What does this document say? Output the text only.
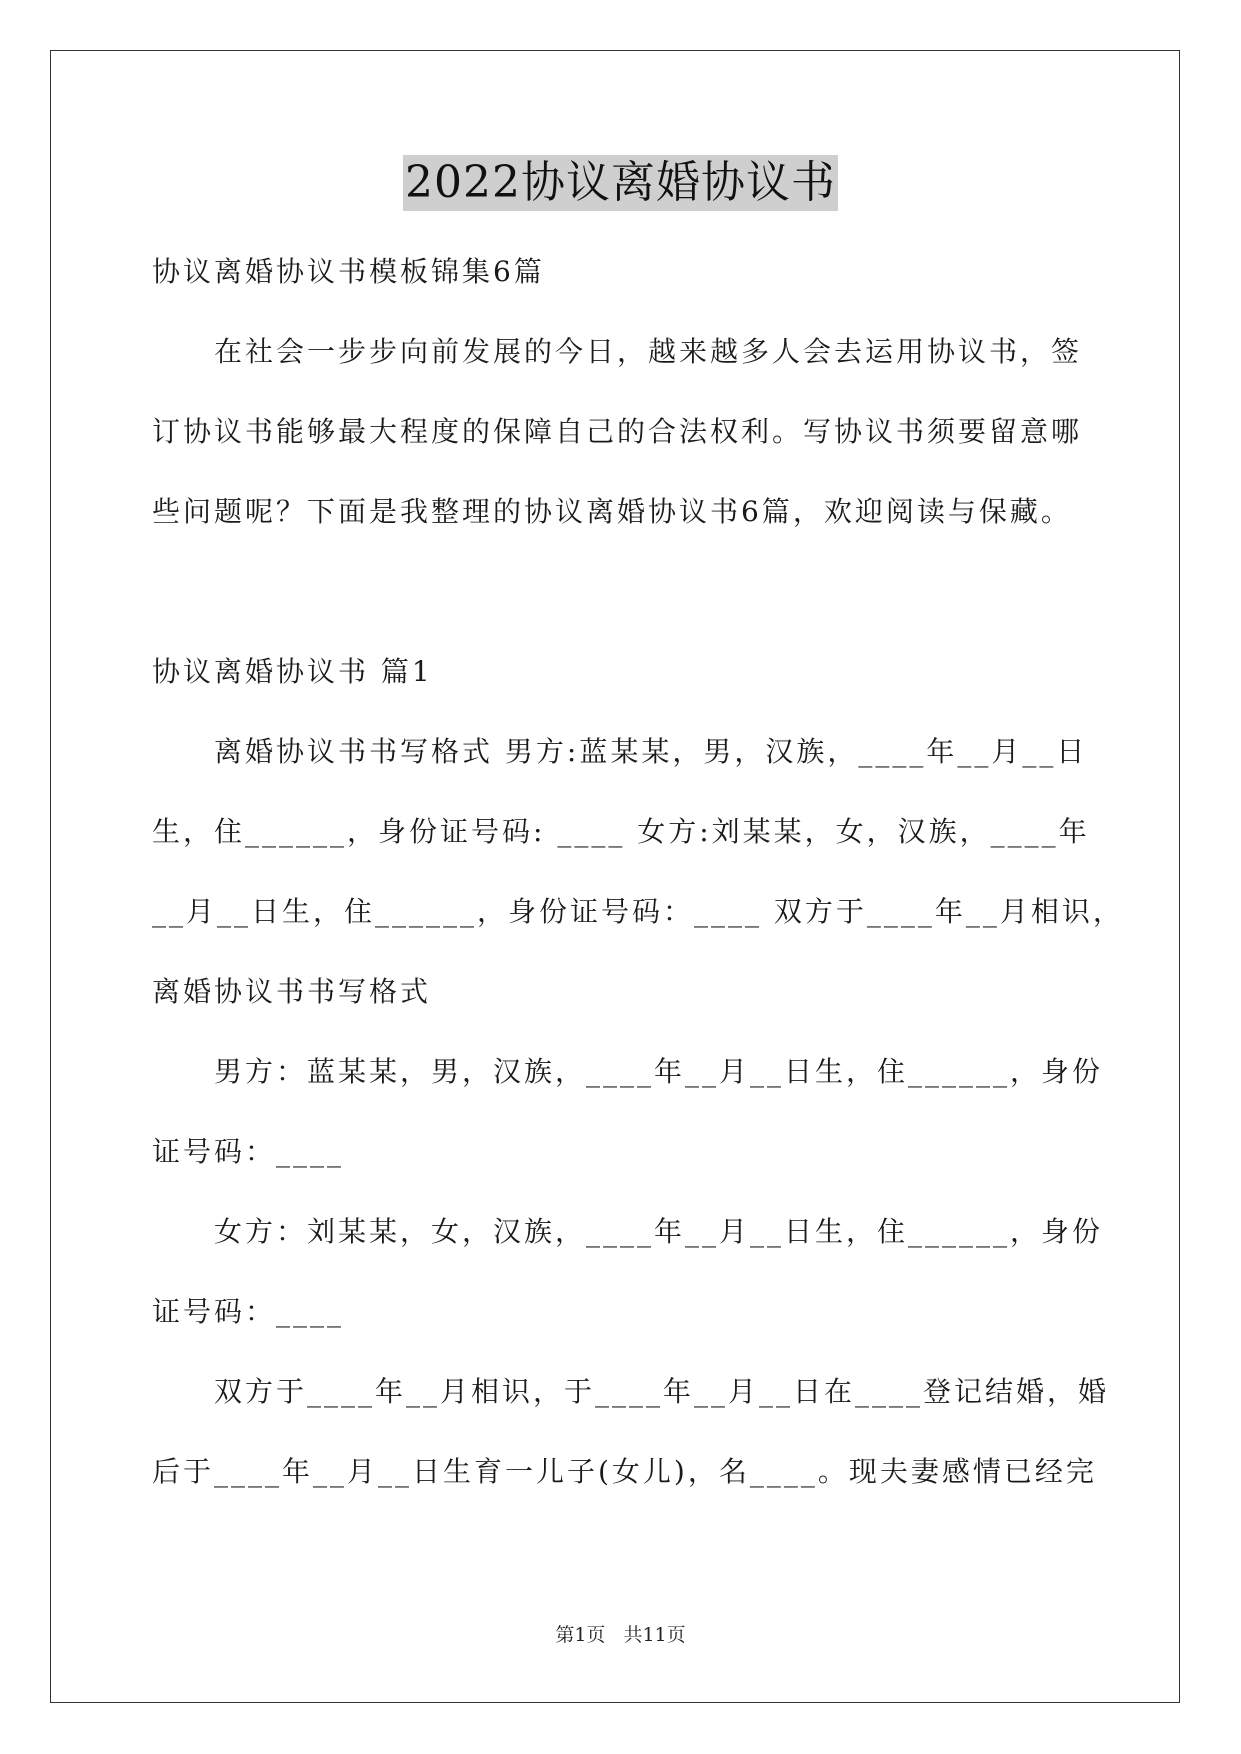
2022协议离婚协议书
协议离婚协议书模板锦集6篇
　　在社会一步步向前发展的今日，越来越多人会去运用协议书，签
订协议书能够最大程度的保障自己的合法权利。写协议书须要留意哪
些问题呢？下面是我整理的协议离婚协议书6篇，欢迎阅读与保藏。
协议离婚协议书 篇1
　　离婚协议书书写格式 男方:蓝某某，男，汉族，____年__月__日
生，住______，身份证号码: ____ 女方:刘某某，女，汉族，____年
__月__日生，住______，身份证号码：____ 双方于____年__月相识，
离婚协议书书写格式
　　男方：蓝某某，男，汉族，____年__月__日生，住______，身份
证号码：____
　　女方：刘某某，女，汉族，____年__月__日生，住______，身份
证号码：____
　　双方于____年__月相识，于____年__月__日在____登记结婚，婚
后于____年__月__日生育一儿子(女儿)，名____。现夫妻感情已经完
第1页 共11页
